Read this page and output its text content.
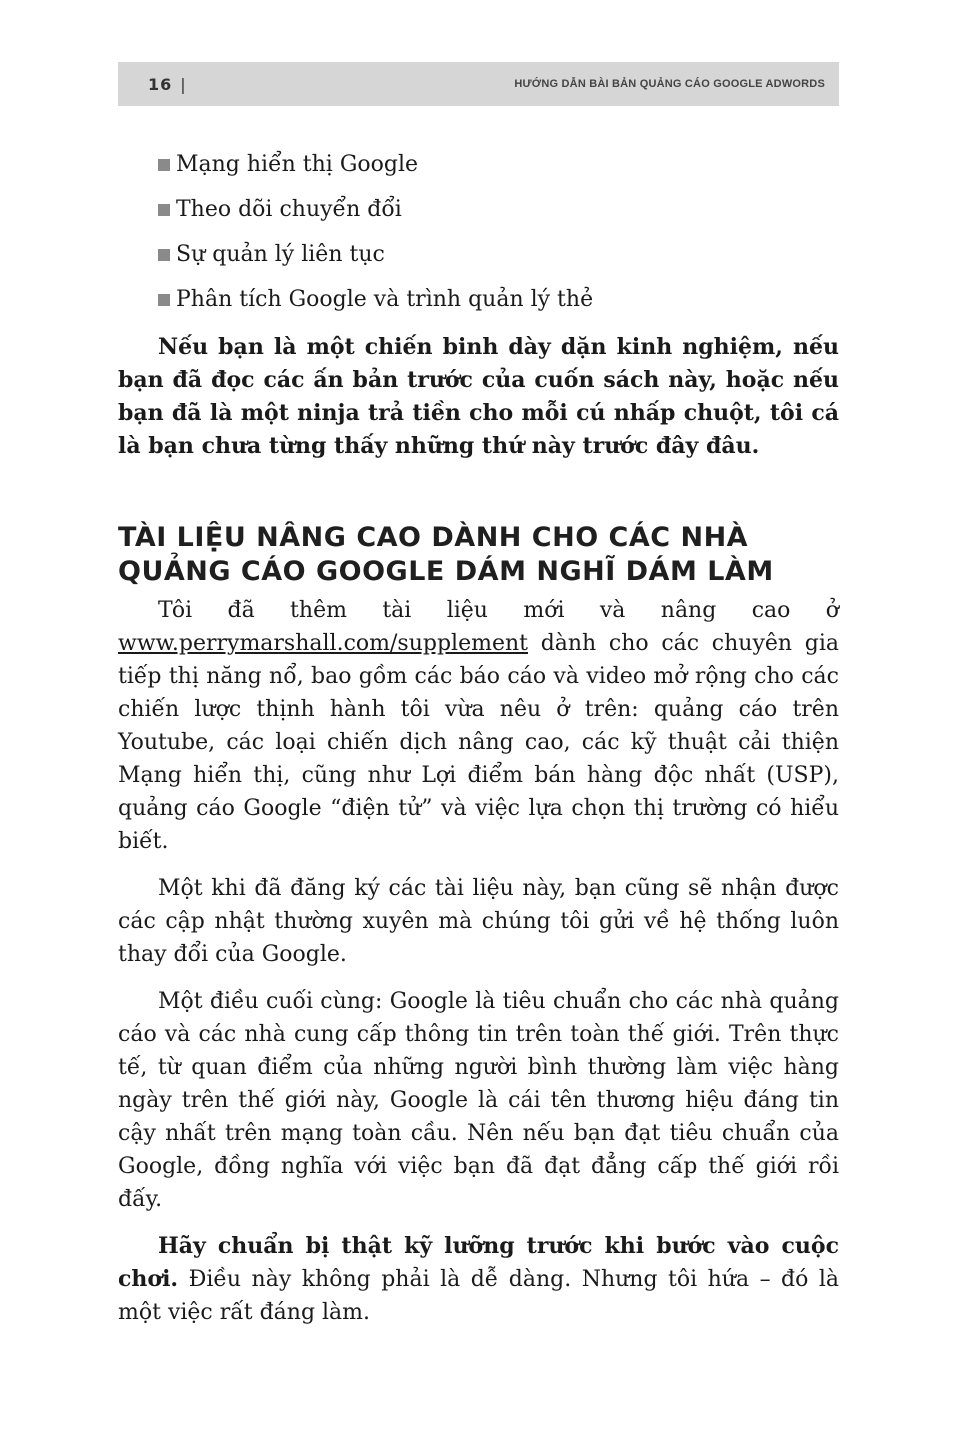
16 |	HƯỚNG DẪN BÀI BẢN QUẢNG CÁO GOOGLE ADWORDS
Mạng hiển thị Google
Theo dõi chuyển đổi
Sự quản lý liên tục
Phân tích Google và trình quản lý thẻ

Nếu bạn là một chiến binh dày dặn kinh nghiệm, nếu bạn đã đọc các ấn bản trước của cuốn sách này, hoặc nếu bạn đã là một ninja trả tiền cho mỗi cú nhấp chuột, tôi cá là bạn chưa từng thấy những thứ này trước đây đâu.

TÀI LIỆU NÂNG CAO DÀNH CHO CÁC NHÀ QUẢNG CÁO GOOGLE DÁM NGHĨ DÁM LÀM

Tôi đã thêm tài liệu mới và nâng cao ở www.perrymarshall.com/supplement dành cho các chuyên gia tiếp thị năng nổ, bao gồm các báo cáo và video mở rộng cho các chiến lược thịnh hành tôi vừa nêu ở trên: quảng cáo trên Youtube, các loại chiến dịch nâng cao, các kỹ thuật cải thiện Mạng hiển thị, cũng như Lợi điểm bán hàng độc nhất (USP), quảng cáo Google “điện tử” và việc lựa chọn thị trường có hiểu biết.

Một khi đã đăng ký các tài liệu này, bạn cũng sẽ nhận được các cập nhật thường xuyên mà chúng tôi gửi về hệ thống luôn thay đổi của Google.

Một điều cuối cùng: Google là tiêu chuẩn cho các nhà quảng cáo và các nhà cung cấp thông tin trên toàn thế giới. Trên thực tế, từ quan điểm của những người bình thường làm việc hàng ngày trên thế giới này, Google là cái tên thương hiệu đáng tin cậy nhất trên mạng toàn cầu. Nên nếu bạn đạt tiêu chuẩn của Google, đồng nghĩa với việc bạn đã đạt đẳng cấp thế giới rồi đấy.

Hãy chuẩn bị thật kỹ lưỡng trước khi bước vào cuộc chơi. Điều này không phải là dễ dàng. Nhưng tôi hứa – đó là một việc rất đáng làm.
